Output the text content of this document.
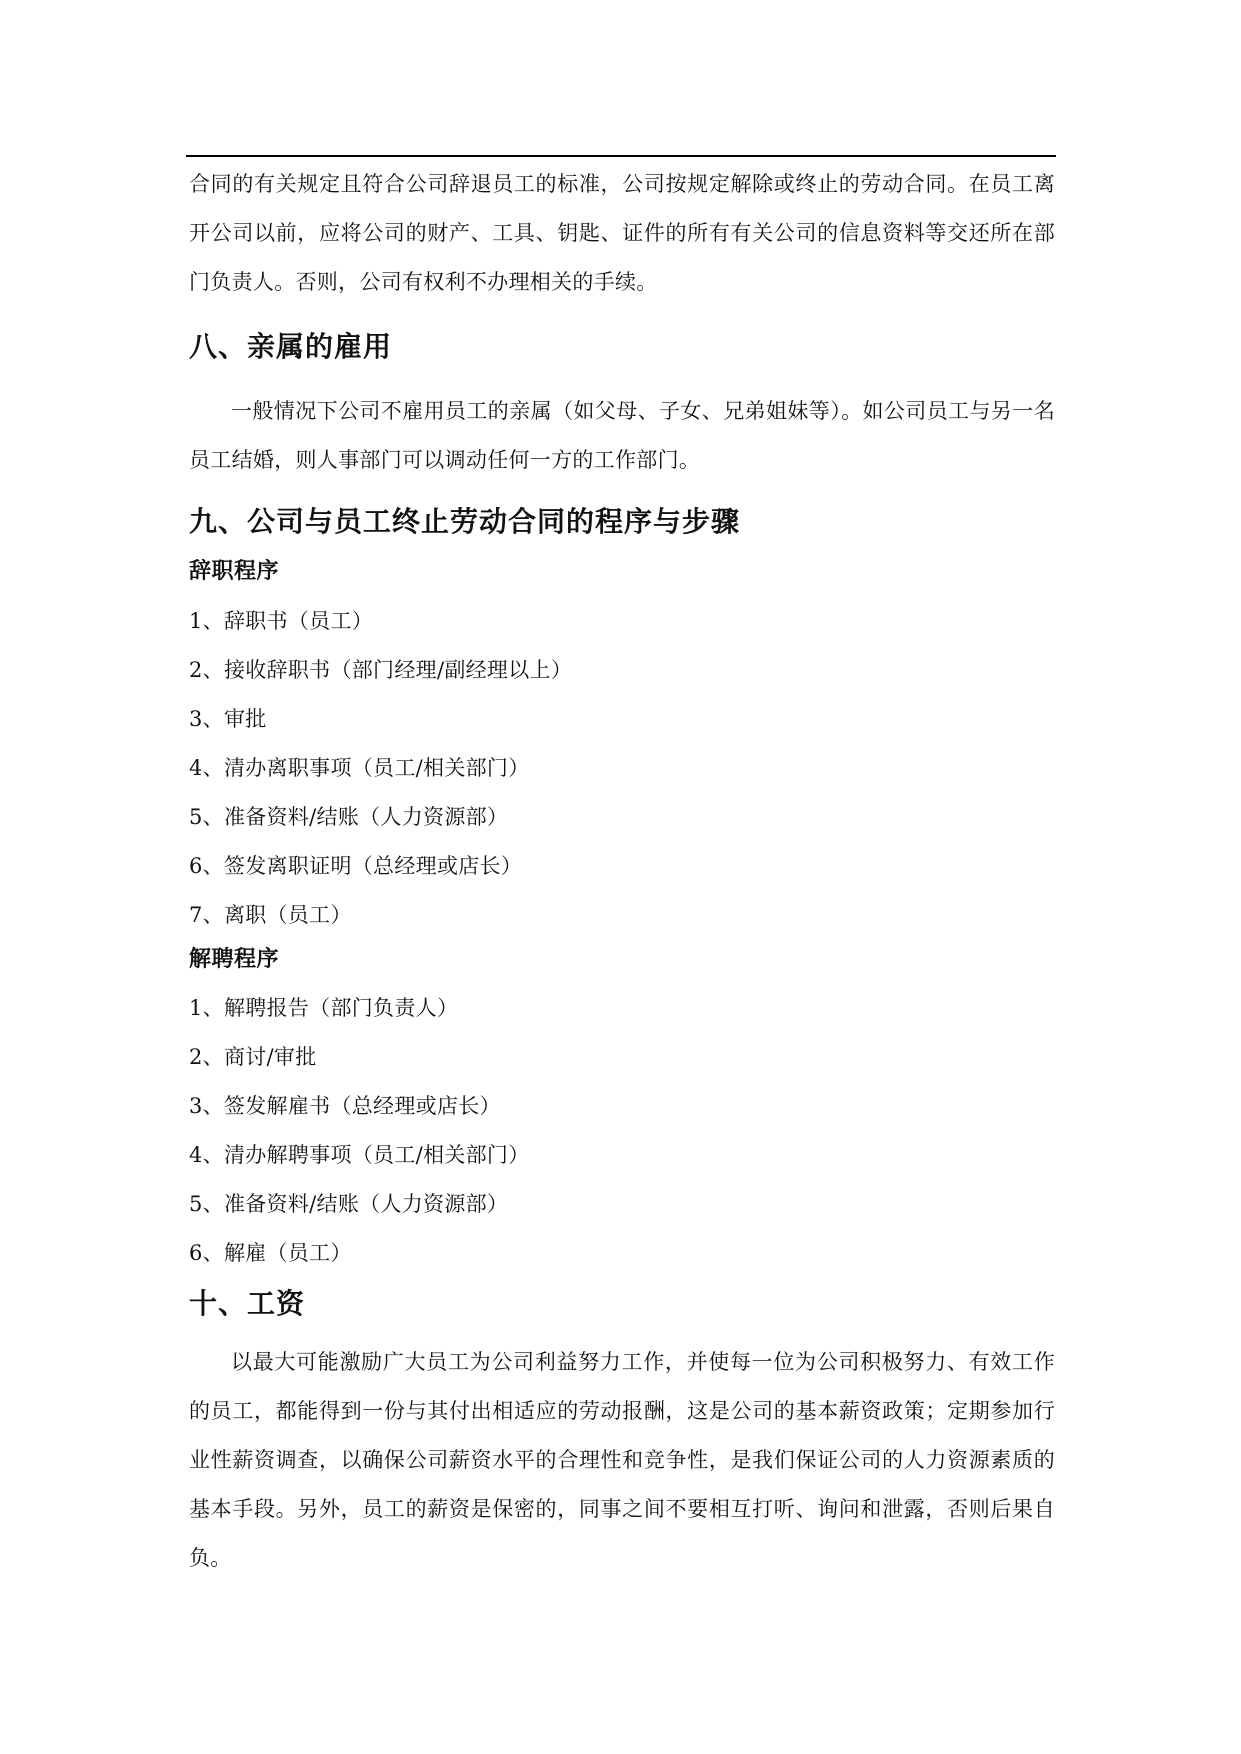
合同的有关规定且符合公司辞退员工的标准，公司按规定解除或终止的劳动合同。在员工离开公司以前，应将公司的财产、工具、钥匙、证件的所有有关公司的信息资料等交还所在部门负责人。否则，公司有权利不办理相关的手续。

八、亲属的雇用

一般情况下公司不雇用员工的亲属（如父母、子女、兄弟姐妹等）。如公司员工与另一名员工结婚，则人事部门可以调动任何一方的工作部门。

九、公司与员工终止劳动合同的程序与步骤
辞职程序
1、辞职书（员工）
2、接收辞职书（部门经理/副经理以上）
3、审批
4、清办离职事项（员工/相关部门）
5、准备资料/结账（人力资源部）
6、签发离职证明（总经理或店长）
7、离职（员工）
解聘程序
1、解聘报告（部门负责人）
2、商讨/审批
3、签发解雇书（总经理或店长）
4、清办解聘事项（员工/相关部门）
5、准备资料/结账（人力资源部）
6、解雇（员工）
十、工资

以最大可能激励广大员工为公司利益努力工作，并使每一位为公司积极努力、有效工作的员工，都能得到一份与其付出相适应的劳动报酬，这是公司的基本薪资政策；定期参加行业性薪资调查，以确保公司薪资水平的合理性和竞争性，是我们保证公司的人力资源素质的基本手段。另外，员工的薪资是保密的，同事之间不要相互打听、询问和泄露，否则后果自负。
